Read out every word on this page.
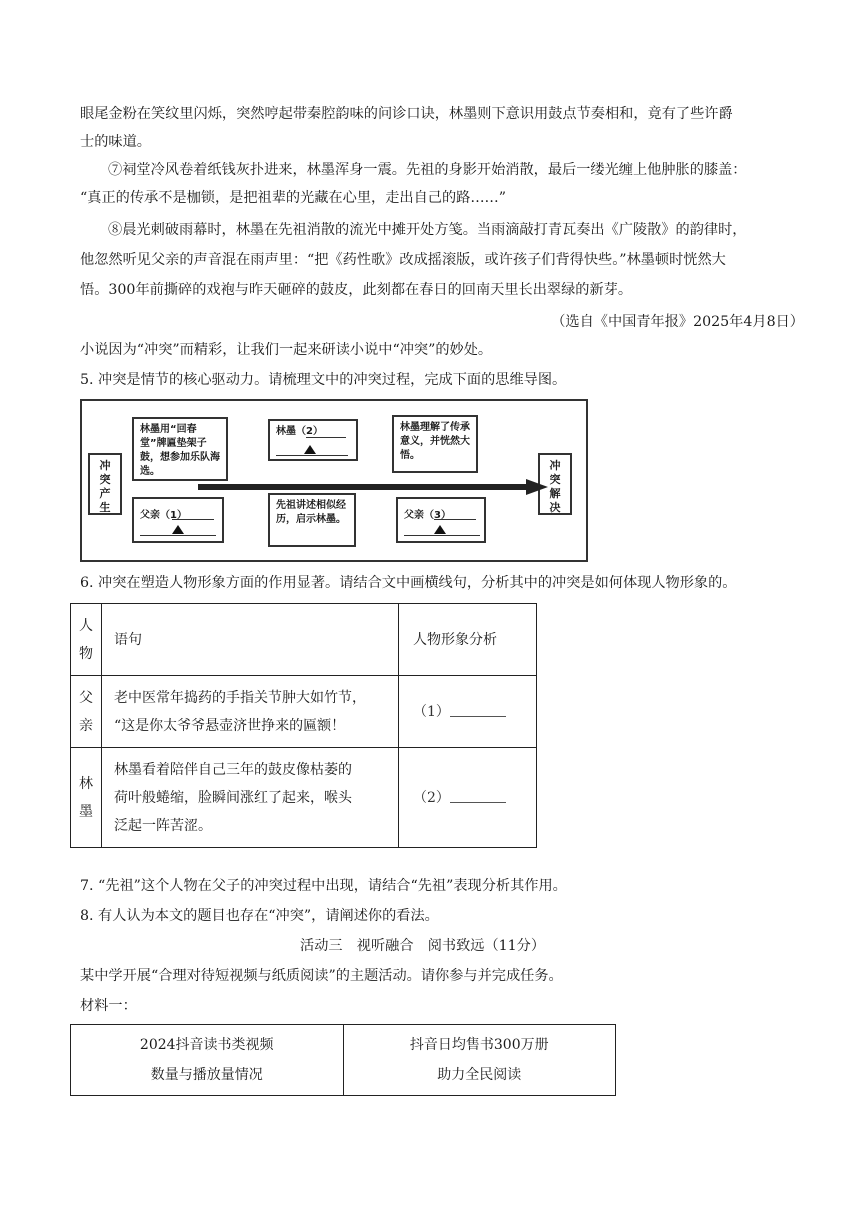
眼尾金粉在笑纹里闪烁，突然哼起带秦腔韵味的问诊口诀，林墨则下意识用鼓点节奏相和，竟有了些许爵
士的味道。
⑦祠堂冷风卷着纸钱灰扑进来，林墨浑身一震。先祖的身影开始消散，最后一缕光缠上他肿胀的膝盖：
“真正的传承不是枷锁，是把祖辈的光藏在心里，走出自己的路……”
⑧晨光刺破雨幕时，林墨在先祖消散的流光中摊开处方笺。当雨滴敲打青瓦奏出《广陵散》的韵律时，
他忽然听见父亲的声音混在雨声里：“把《药性歌》改成摇滚版，或许孩子们背得快些。”林墨顿时恍然大
悟。300年前撕碎的戏袍与昨天砸碎的鼓皮，此刻都在春日的回南天里长出翠绿的新芽。
（选自《中国青年报》2025年4月8日）
小说因为“冲突”而精彩，让我们一起来研读小说中“冲突”的妙处。
5. 冲突是情节的核心驱动力。请梳理文中的冲突过程，完成下面的思维导图。
冲突产生
冲突解决
林墨用“回春堂”牌匾垫架子鼓，想参加乐队海选。
林墨（2）	林墨理解了传承意义，并恍然大悟。
父亲（1）
先祖讲述相似经历，启示林墨。	父亲（3）
6. 冲突在塑造人物形象方面的作用显著。请结合文中画横线句，分析其中的冲突是如何体现人物形象的。
人物	语句	人物形象分析

父亲	老中医常年捣药的手指关节肿大如竹节，
“这是你太爷爷悬壶济世挣来的匾额！	（1）

林墨	林墨看着陪伴自己三年的鼓皮像枯萎的
荷叶般蜷缩，脸瞬间涨红了起来，喉头
泛起一阵苦涩。	（2）
7. “先祖”这个人物在父子的冲突过程中出现，请结合“先祖”表现分析其作用。
8. 有人认为本文的题目也存在“冲突”，请阐述你的看法。
活动三　视听融合　阅书致远（11分）
某中学开展“合理对待短视频与纸质阅读”的主题活动。请你参与并完成任务。
材料一：
2024抖音读书类视频
数量与播放量情况

抖音日均售书300万册
助力全民阅读
